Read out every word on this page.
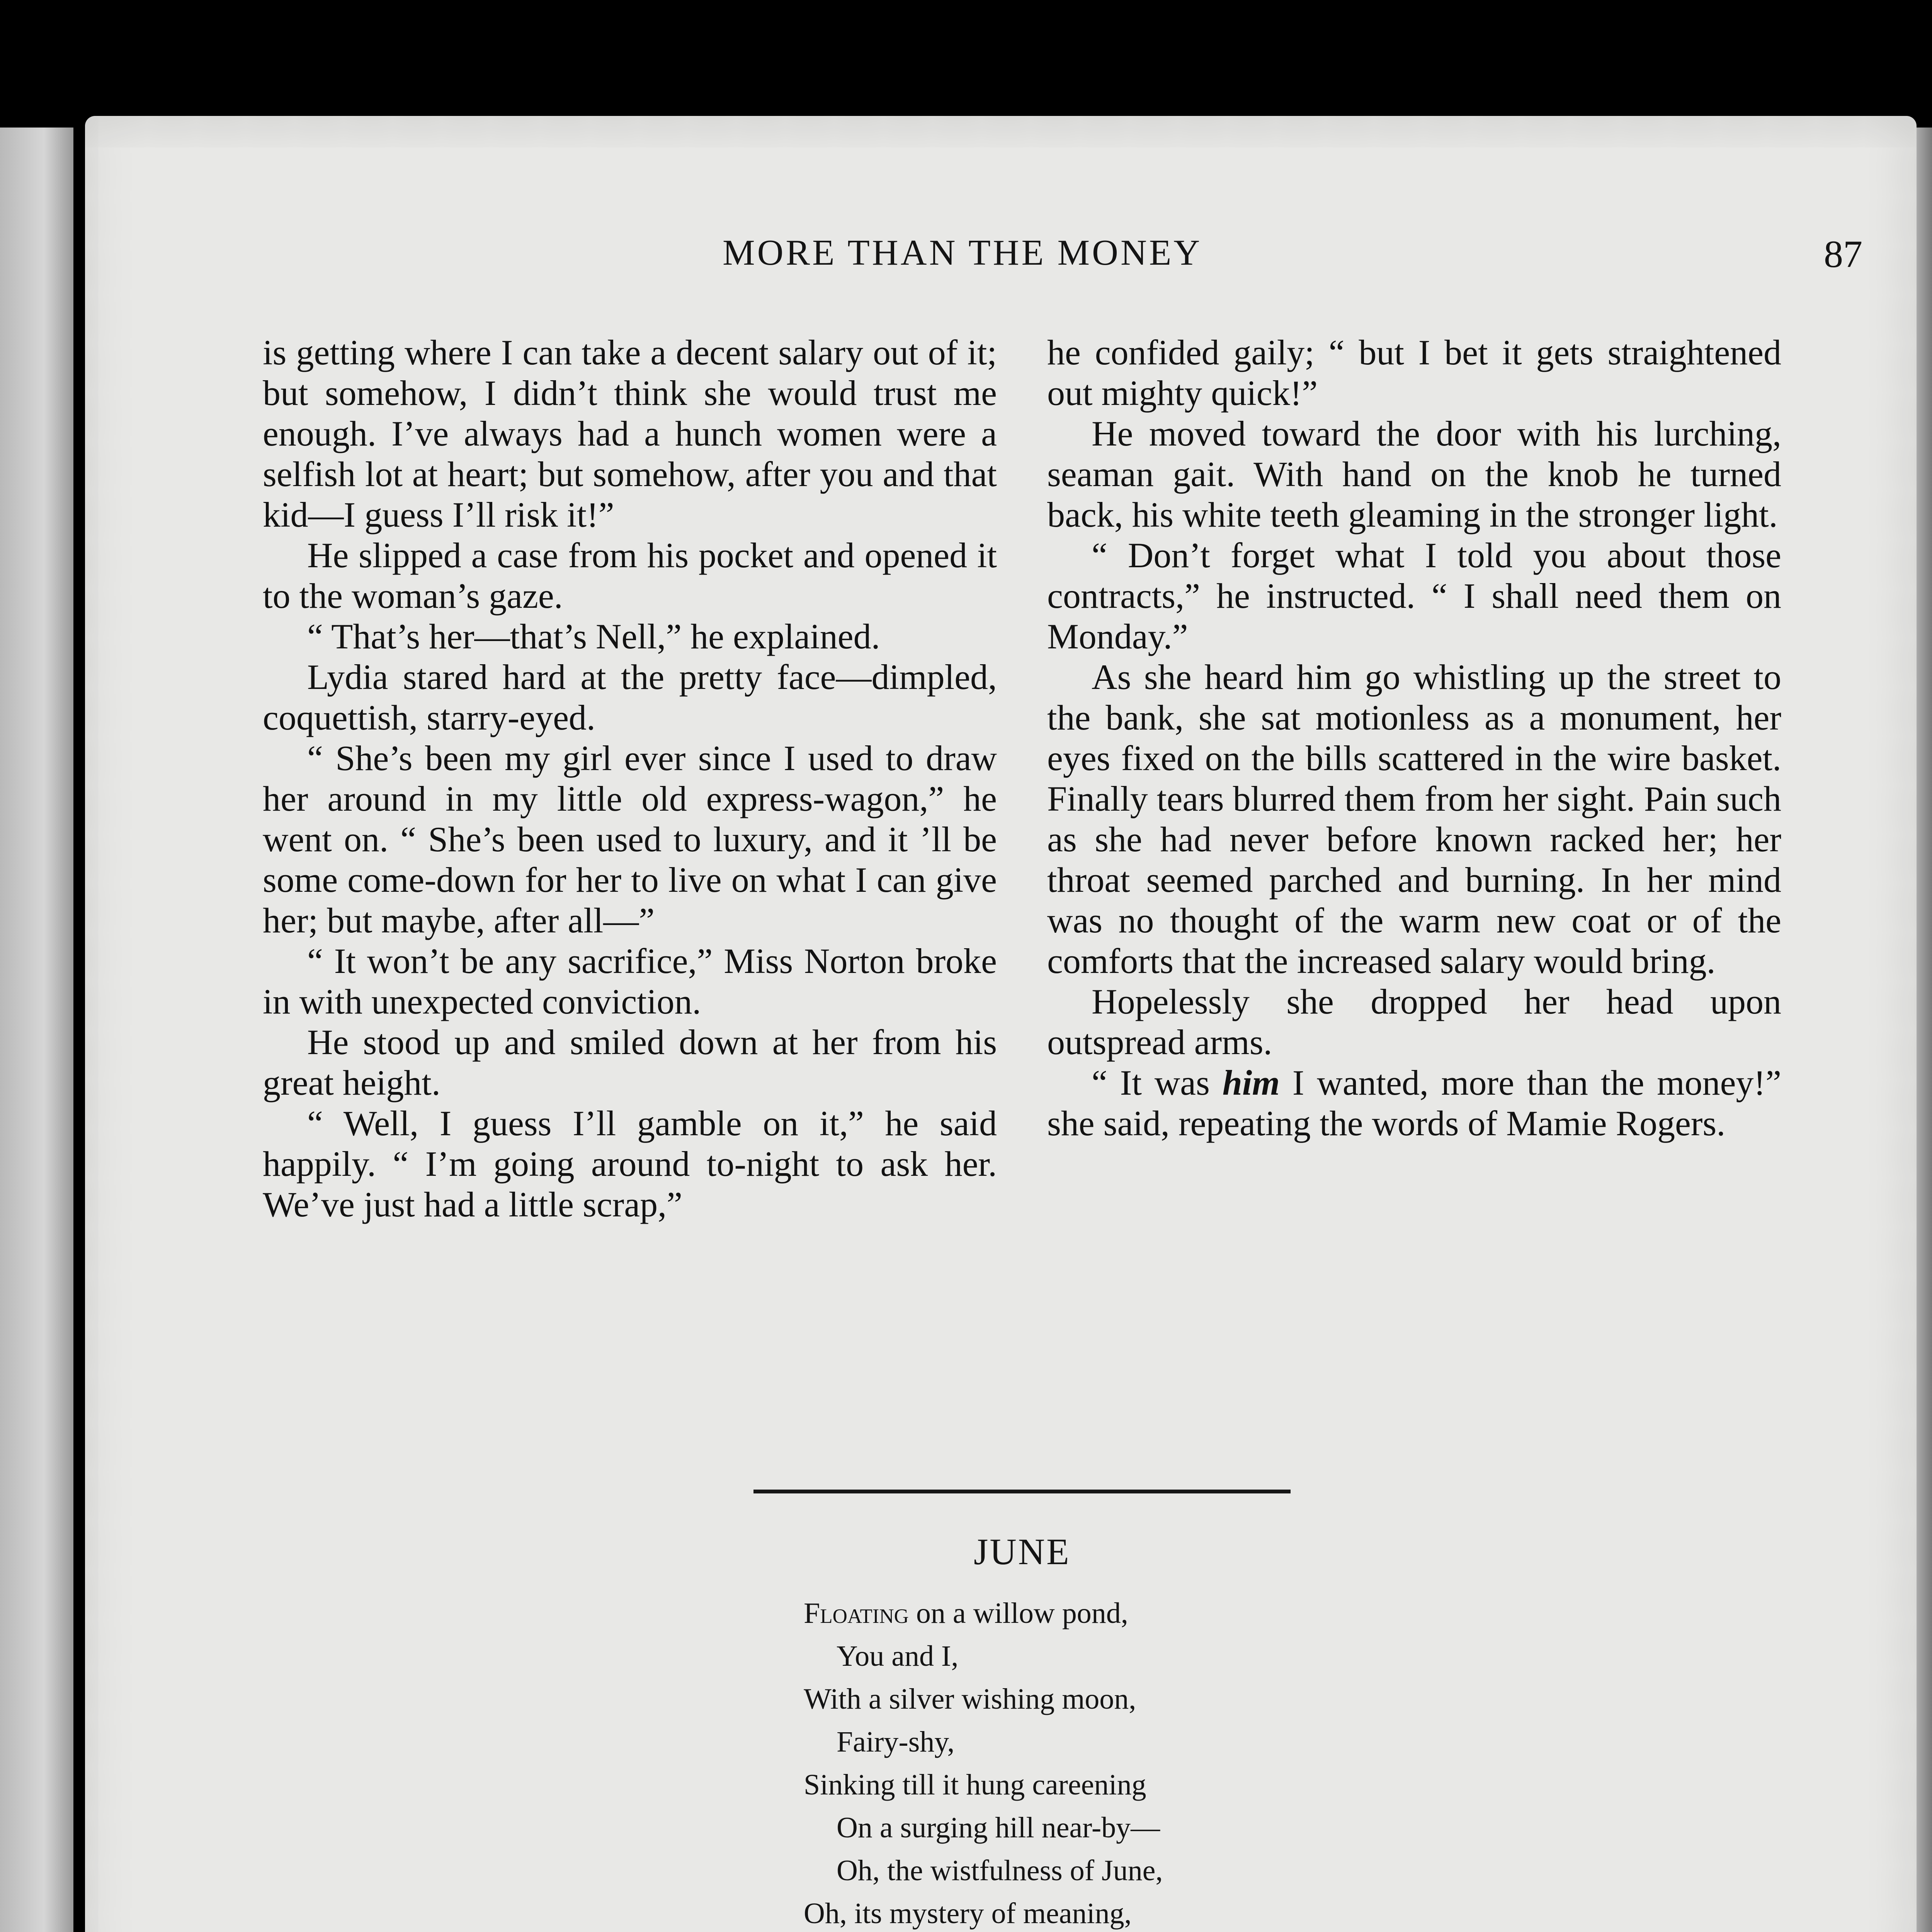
MORE THAN THE MONEY	87

is getting where I can take a decent salary out of it; but somehow, I didn’t think she would trust me enough. I’ve always had a hunch women were a selfish lot at heart; but somehow, after you and that kid—I guess I’ll risk it!”

He slipped a case from his pocket and opened it to the woman’s gaze.

“ That’s her—that’s Nell,” he explained.

Lydia stared hard at the pretty face—dimpled, coquettish, starry-eyed.

“ She’s been my girl ever since I used to draw her around in my little old express-wagon,” he went on. “ She’s been used to luxury, and it ’ll be some come-down for her to live on what I can give her; but maybe, after all—”

“ It won’t be any sacrifice,” Miss Norton broke in with unexpected conviction.

He stood up and smiled down at her from his great height.

“ Well, I guess I’ll gamble on it,” he said happily. “ I’m going around to-night to ask her. We’ve just had a little scrap,”

he confided gaily; “ but I bet it gets straightened out mighty quick!”

He moved toward the door with his lurching, seaman gait. With hand on the knob he turned back, his white teeth gleaming in the stronger light.

“ Don’t forget what I told you about those contracts,” he instructed. “ I shall need them on Monday.”

As she heard him go whistling up the street to the bank, she sat motionless as a monument, her eyes fixed on the bills scattered in the wire basket. Finally tears blurred them from her sight. Pain such as she had never before known racked her; her throat seemed parched and burning. In her mind was no thought of the warm new coat or of the comforts that the increased salary would bring.

Hopelessly she dropped her head upon outspread arms.

“ It was him I wanted, more than the money!” she said, repeating the words of Mamie Rogers.

JUNE
Floating on a willow pond,
You and I,
With a silver wishing moon,
Fairy-shy,
Sinking till it hung careening
On a surging hill near-by—
Oh, the wistfulness of June,
Oh, its mystery of meaning,
